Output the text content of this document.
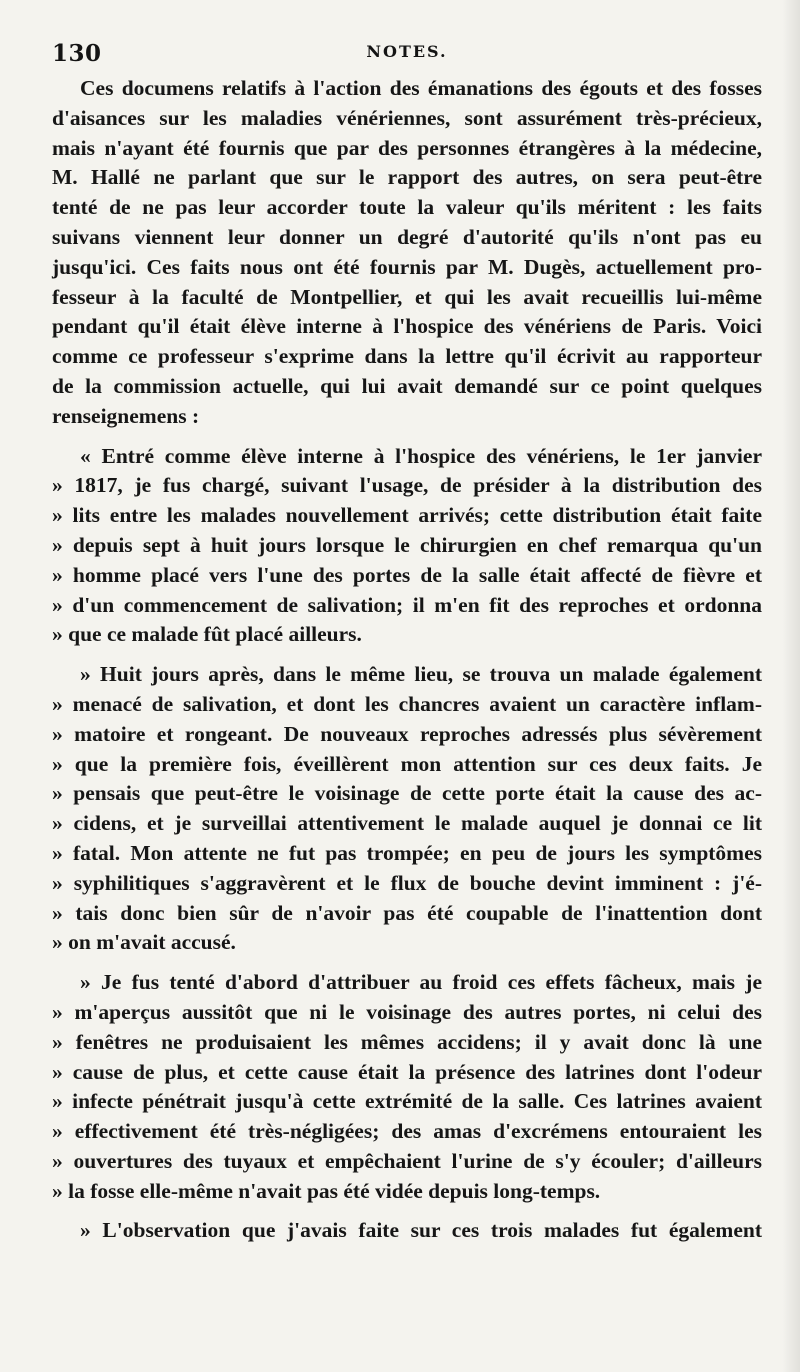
130	NOTES.

Ces documens relatifs à l'action des émanations des égouts et des fosses
d'aisances sur les maladies vénériennes, sont assurément très-précieux,
mais n'ayant été fournis que par des personnes étrangères à la médecine,
M. Hallé ne parlant que sur le rapport des autres, on sera peut-être
tenté de ne pas leur accorder toute la valeur qu'ils méritent : les faits
suivans viennent leur donner un degré d'autorité qu'ils n'ont pas eu
jusqu'ici. Ces faits nous ont été fournis par M. Dugès, actuellement pro-
fesseur à la faculté de Montpellier, et qui les avait recueillis lui-même
pendant qu'il était élève interne à l'hospice des vénériens de Paris. Voici
comme ce professeur s'exprime dans la lettre qu'il écrivit au rapporteur
de la commission actuelle, qui lui avait demandé sur ce point quelques
renseignemens :

« Entré comme élève interne à l'hospice des vénériens, le 1er janvier
» 1817, je fus chargé, suivant l'usage, de présider à la distribution des
» lits entre les malades nouvellement arrivés; cette distribution était faite
» depuis sept à huit jours lorsque le chirurgien en chef remarqua qu'un
» homme placé vers l'une des portes de la salle était affecté de fièvre et
» d'un commencement de salivation; il m'en fit des reproches et ordonna
» que ce malade fût placé ailleurs.

» Huit jours après, dans le même lieu, se trouva un malade également
» menacé de salivation, et dont les chancres avaient un caractère inflam-
» matoire et rongeant. De nouveaux reproches adressés plus sévèrement
» que la première fois, éveillèrent mon attention sur ces deux faits. Je
» pensais que peut-être le voisinage de cette porte était la cause des ac-
» cidens, et je surveillai attentivement le malade auquel je donnai ce lit
» fatal. Mon attente ne fut pas trompée; en peu de jours les symptômes
» syphilitiques s'aggravèrent et le flux de bouche devint imminent : j'é-
» tais donc bien sûr de n'avoir pas été coupable de l'inattention dont
» on m'avait accusé.

» Je fus tenté d'abord d'attribuer au froid ces effets fâcheux, mais je
» m'aperçus aussitôt que ni le voisinage des autres portes, ni celui des
» fenêtres ne produisaient les mêmes accidens; il y avait donc là une
» cause de plus, et cette cause était la présence des latrines dont l'odeur
» infecte pénétrait jusqu'à cette extrémité de la salle. Ces latrines avaient
» effectivement été très-négligées; des amas d'excrémens entouraient les
» ouvertures des tuyaux et empêchaient l'urine de s'y écouler; d'ailleurs
» la fosse elle-même n'avait pas été vidée depuis long-temps.

» L'observation que j'avais faite sur ces trois malades fut également
